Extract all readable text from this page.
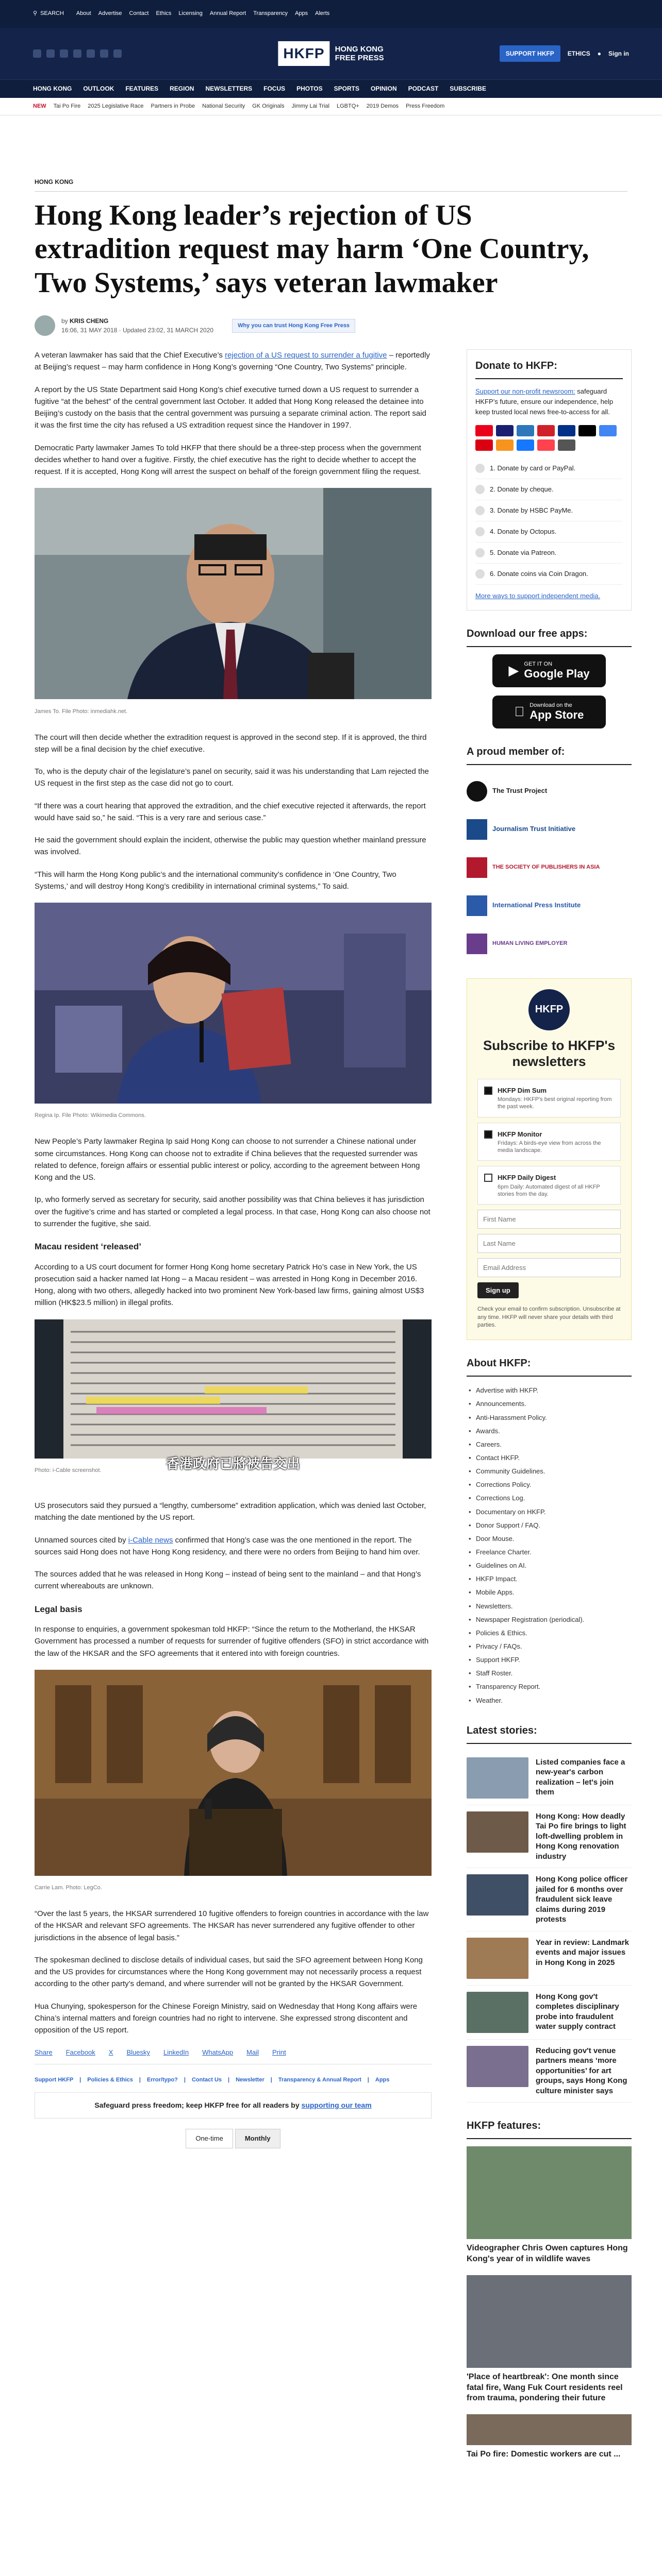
⚲ SEARCH About Advertise Contact Ethics Licensing Annual Report Transparency Apps Alerts
HKFP	HONG KONG
FREE PRESS
SUPPORT HKFP	ETHICS ● Sign in
HONG KONG OUTLOOK FEATURES REGION NEWSLETTERS FOCUS PHOTOS SPORTS OPINION PODCAST SUBSCRIBE
NEW Tai Po Fire 2025 Legislative Race Partners in Probe National Security GK Originals Jimmy Lai Trial LGBTQ+ 2019 Demos Press Freedom
HONG KONG
Hong Kong leader’s rejection of US extradition request may harm ‘One Country, Two Systems,’ says veteran lawmaker
by KRIS CHENG
16:06, 31 MAY 2018 · Updated 23:02, 31 MARCH 2020
Why you can trust Hong Kong Free Press

A veteran lawmaker has said that the Chief Executive’s rejection of a US request to surrender a fugitive – reportedly at Beijing’s request – may harm confidence in Hong Kong’s governing “One Country, Two Systems” principle.

A report by the US State Department said Hong Kong’s chief executive turned down a US request to surrender a fugitive “at the behest” of the central government last October. It added that Hong Kong released the detainee into Beijing’s custody on the basis that the central government was pursuing a separate criminal action. The report said it was the first time the city has refused a US extradition request since the Handover in 1997.

Democratic Party lawmaker James To told HKFP that there should be a three-step process when the government decides whether to hand over a fugitive. Firstly, the chief executive has the right to decide whether to accept the request. If it is accepted, Hong Kong will arrest the suspect on behalf of the foreign government filing the request.

James To. File Photo: inmediahk.net.

The court will then decide whether the extradition request is approved in the second step. If it is approved, the third step will be a final decision by the chief executive.

To, who is the deputy chair of the legislature’s panel on security, said it was his understanding that Lam rejected the US request in the first step as the case did not go to court.

“If there was a court hearing that approved the extradition, and the chief executive rejected it afterwards, the report would have said so,” he said. “This is a very rare and serious case.”

He said the government should explain the incident, otherwise the public may question whether mainland pressure was involved.

“This will harm the Hong Kong public’s and the international community’s confidence in ‘One Country, Two Systems,’ and will destroy Hong Kong’s credibility in international criminal systems,” To said.

Regina Ip. File Photo: Wikimedia Commons.

New People’s Party lawmaker Regina Ip said Hong Kong can choose to not surrender a Chinese national under some circumstances. Hong Kong can choose not to extradite if China believes that the requested surrender was related to defence, foreign affairs or essential public interest or policy, according to the agreement between Hong Kong and the US.

Ip, who formerly served as secretary for security, said another possibility was that China believes it has jurisdiction over the fugitive’s crime and has started or completed a legal process. In that case, Hong Kong can also choose not to surrender the fugitive, she said.

Macau resident ‘released’

According to a US court document for former Hong Kong home secretary Patrick Ho’s case in New York, the US prosecution said a hacker named Iat Hong – a Macau resident – was arrested in Hong Kong in December 2016. Hong, along with two others, allegedly hacked into two prominent New York-based law firms, gaining almost US$3 million (HK$23.5 million) in illegal profits.

Photo: i-Cable screenshot.	香港政府已將被告交出

US prosecutors said they pursued a “lengthy, cumbersome” extradition application, which was denied last October, matching the date mentioned by the US report.

Unnamed sources cited by i-Cable news confirmed that Hong’s case was the one mentioned in the report. The sources said Hong does not have Hong Kong residency, and there were no orders from Beijing to hand him over.

The sources added that he was released in Hong Kong – instead of being sent to the mainland – and that Hong’s current whereabouts are unknown.

Legal basis

In response to enquiries, a government spokesman told HKFP: “Since the return to the Motherland, the HKSAR Government has processed a number of requests for surrender of fugitive offenders (SFO) in strict accordance with the law of the HKSAR and the SFO agreements that it entered into with foreign countries.

Carrie Lam. Photo: LegCo.

“Over the last 5 years, the HKSAR surrendered 10 fugitive offenders to foreign countries in accordance with the law of the HKSAR and relevant SFO agreements. The HKSAR has never surrendered any fugitive offender to other jurisdictions in the absence of legal basis.”

The spokesman declined to disclose details of individual cases, but said the SFO agreement between Hong Kong and the US provides for circumstances where the Hong Kong government may not necessarily process a request according to the other party’s demand, and where surrender will not be granted by the HKSAR Government.

Hua Chunying, spokesperson for the Chinese Foreign Ministry, said on Wednesday that Hong Kong affairs were China’s internal matters and foreign countries had no right to intervene. She expressed strong discontent and opposition of the US report.

Share Facebook X Bluesky LinkedIn WhatsApp Mail Print
Support HKFP | Policies & Ethics | Error/typo? | Contact Us | Newsletter | Transparency & Annual Report | Apps
Safeguard press freedom; keep HKFP free for all readers by supporting our team
One-time	Monthly
Donate to HKFP:
Support our non-profit newsroom: safeguard HKFP’s future, ensure our independence, help keep trusted local news free-to-access for all.
1. Donate by card or PayPal.
2. Donate by cheque.
3. Donate by HSBC PayMe.
4. Donate by Octopus.
5. Donate via Patreon.
6. Donate coins via Coin Dragon.
More ways to support independent media.
Download our free apps:
▶ GET IT ON
Google Play
Download on the
App Store
A proud member of:
The Trust Project
Journalism Trust Initiative
THE SOCIETY OF PUBLISHERS IN ASIA
International Press Institute
HUMAN LIVING EMPLOYER
HKFP
Subscribe to HKFP's newsletters
HKFP Dim Sum
Mondays: HKFP's best original reporting from the past week.
HKFP Monitor
Fridays: A birds-eye view from across the media landscape.
HKFP Daily Digest
6pm Daily: Automated digest of all HKFP stories from the day.
First Name Last Name Email Address Sign up
Check your email to confirm subscription. Unsubscribe at any time. HKFP will never share your details with third parties.
About HKFP:
• Advertise with HKFP.
• Announcements.
• Anti-Harassment Policy.
• Awards.
• Careers.
• Contact HKFP.
• Community Guidelines.
• Corrections Policy.
• Corrections Log.
• Documentary on HKFP.
• Donor Support / FAQ.
• Door Mouse.
• Freelance Charter.
• Guidelines on AI.
• HKFP Impact.
• Mobile Apps.
• Newsletters.
• Newspaper Registration (periodical).
• Policies & Ethics.
• Privacy / FAQs.
• Support HKFP.
• Staff Roster.
• Transparency Report.
• Weather.
Latest stories:
Listed companies face a new-year's carbon realization – let's join them
Hong Kong: How deadly Tai Po fire brings to light loft-dwelling problem in Hong Kong renovation industry
Hong Kong police officer jailed for 6 months over fraudulent sick leave claims during 2019 protests
Year in review: Landmark events and major issues in Hong Kong in 2025
Hong Kong gov't completes disciplinary probe into fraudulent water supply contract
Reducing gov't venue partners means ‘more opportunities’ for art groups, says Hong Kong culture minister says
HKFP features:
Videographer Chris Owen captures Hong Kong's year of in wildlife waves
'Place of heartbreak': One month since fatal fire, Wang Fuk Court residents reel from trauma, pondering their future
Tai Po fire: Domestic workers are cut ...
